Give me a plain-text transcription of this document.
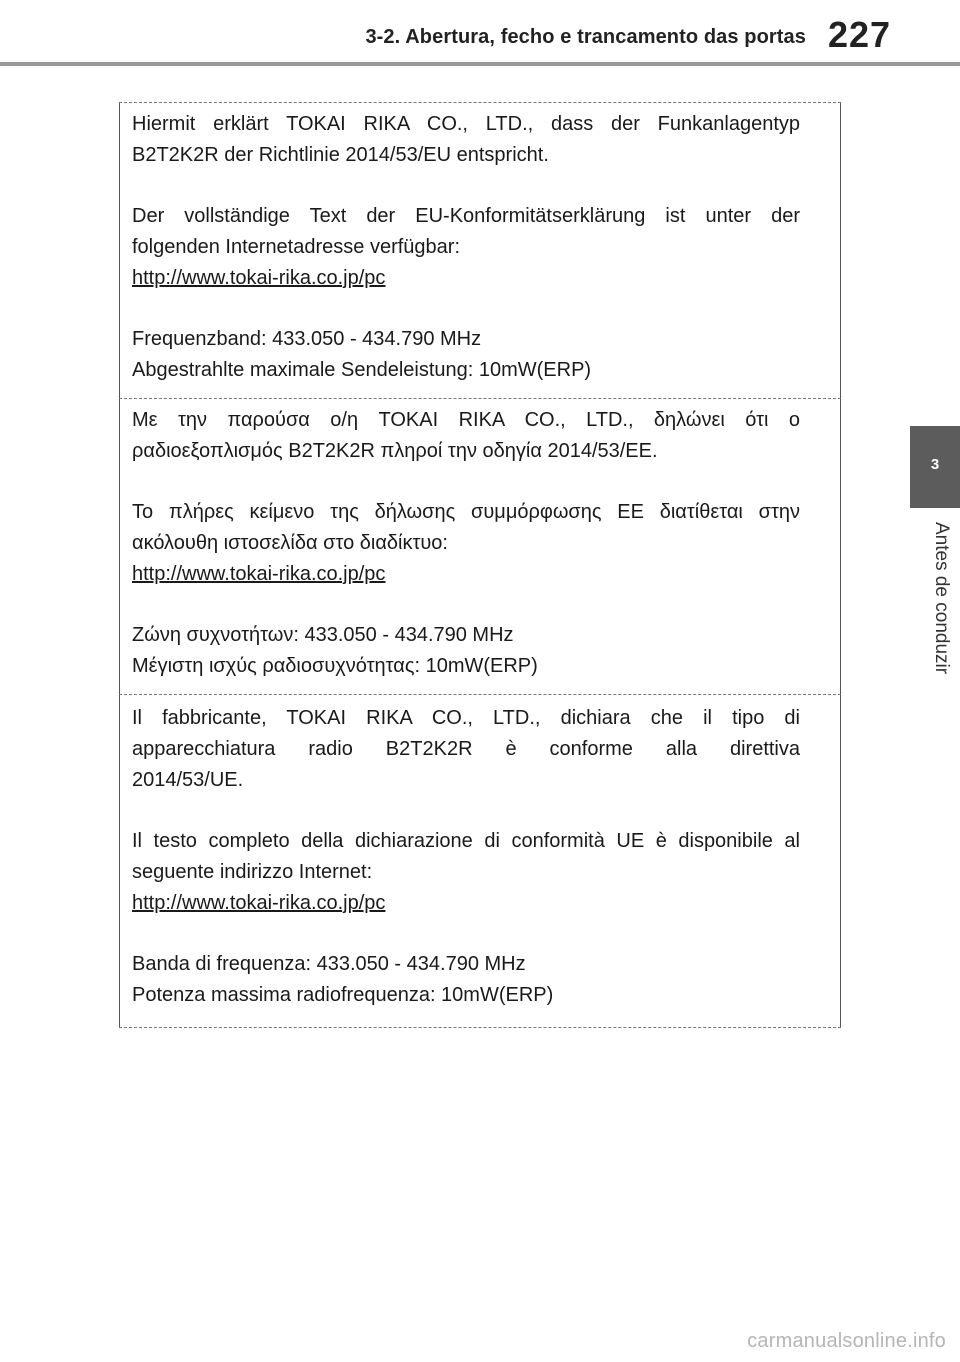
3-2. Abertura, fecho e trancamento das portas 227
3
Antes de conduzir

Hiermit erklärt TOKAI RIKA CO., LTD., dass der Funkanlagentyp

B2T2K2R der Richtlinie 2014/53/EU entspricht.

Der vollständige Text der EU-Konformitätserklärung ist unter der

folgenden Internetadresse verfügbar:

http://www.tokai-rika.co.jp/pc

Frequenzband: 433.050 - 434.790 MHz

Abgestrahlte maximale Sendeleistung: 10mW(ERP)

Με την παρούσα ο/η TOKAI RIKA CO., LTD., δηλώνει ότι ο

ραδιοεξοπλισμός B2T2K2R πληροί την οδηγία 2014/53/ΕΕ.

Το πλήρες κείμενο της δήλωσης συμμόρφωσης ΕΕ διατίθεται στην

ακόλουθη ιστοσελίδα στο διαδίκτυο:

http://www.tokai-rika.co.jp/pc

Ζώνη συχνοτήτων: 433.050 - 434.790 MHz

Μέγιστη ισχύς ραδιοσυχνότητας: 10mW(ERP)

Il fabbricante, TOKAI RIKA CO., LTD., dichiara che il tipo di

apparecchiatura radio B2T2K2R è conforme alla direttiva

2014/53/UE.

Il testo completo della dichiarazione di conformità UE è disponibile al

seguente indirizzo Internet:

http://www.tokai-rika.co.jp/pc

Banda di frequenza: 433.050 - 434.790 MHz

Potenza massima radiofrequenza: 10mW(ERP)

carmanualsonline.info
